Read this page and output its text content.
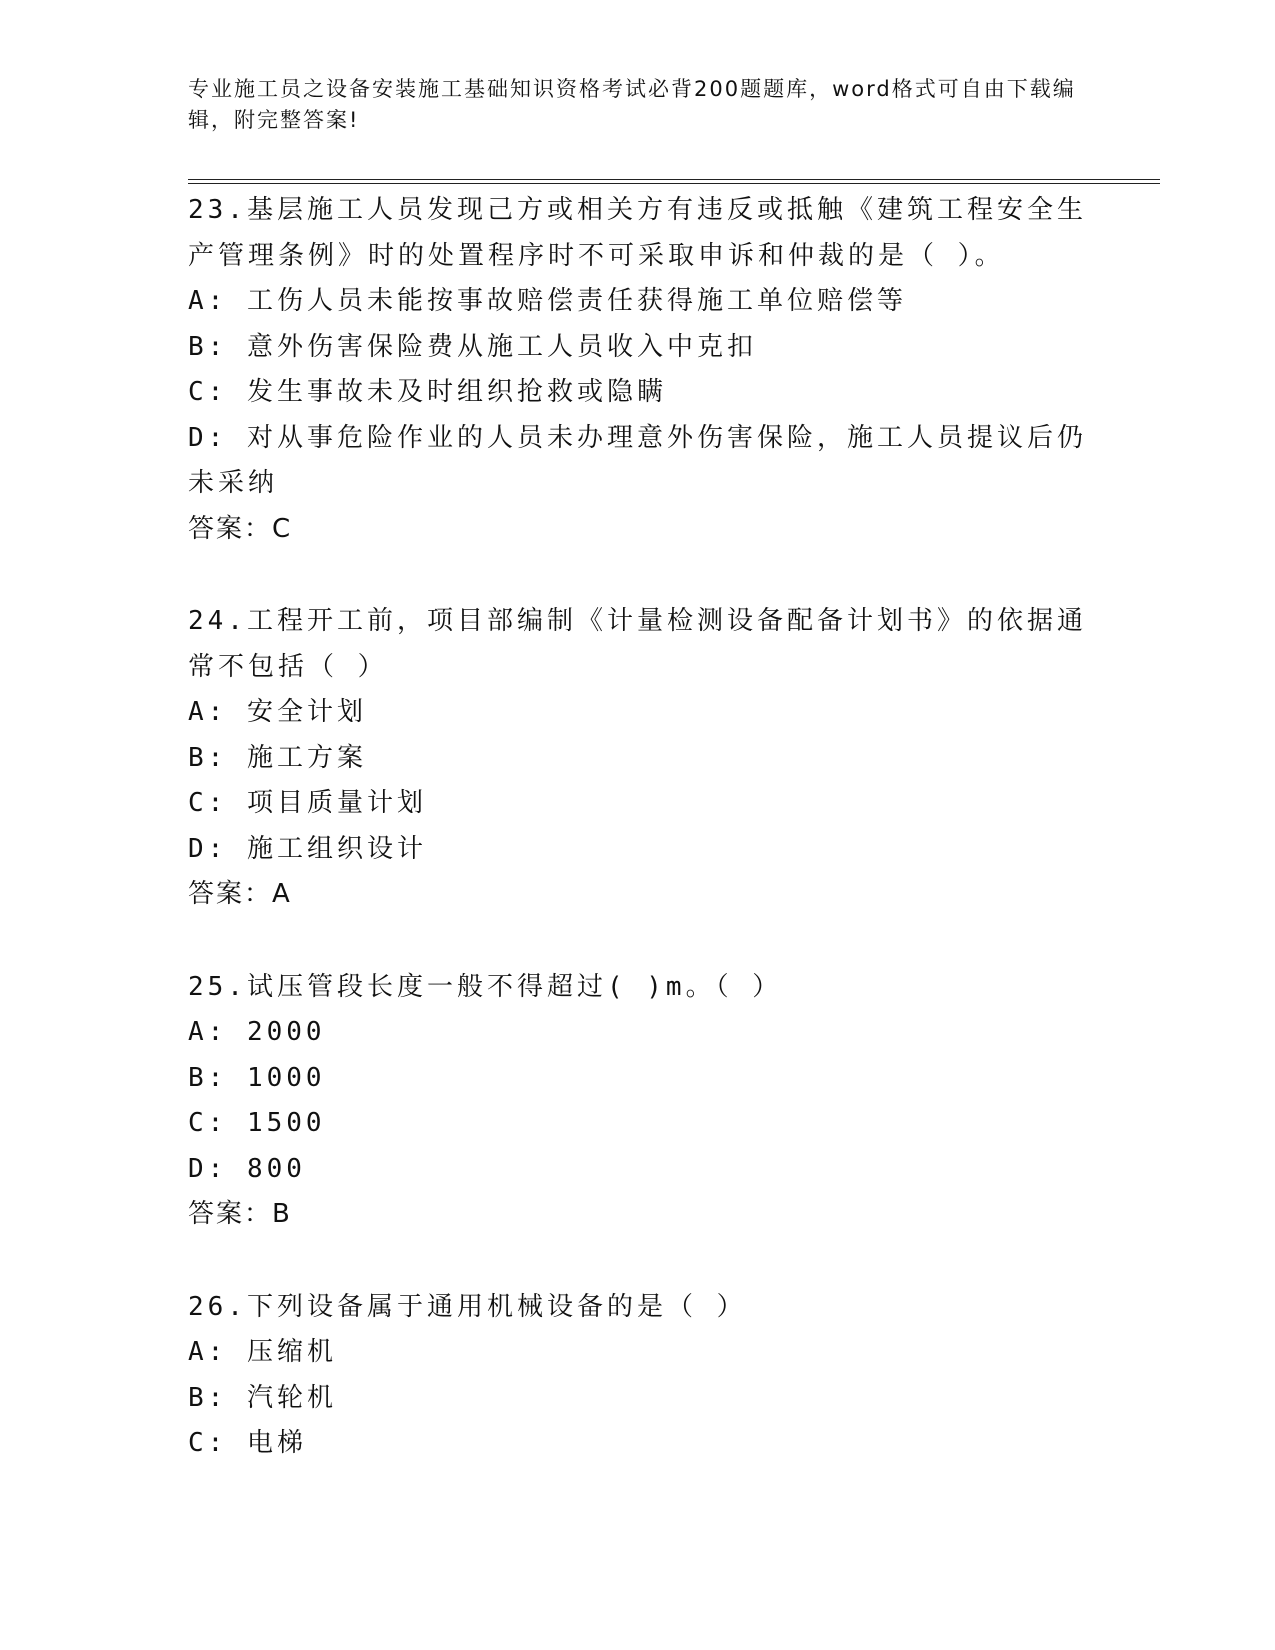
专业施工员之设备安装施工基础知识资格考试必背200题题库，word格式可自由下载编辑，附完整答案!
23.基层施工人员发现己方或相关方有违反或抵触《建筑工程安全生产管理条例》时的处置程序时不可采取申诉和仲裁的是（ ）。
A: 工伤人员未能按事故赔偿责任获得施工单位赔偿等
B: 意外伤害保险费从施工人员收入中克扣
C: 发生事故未及时组织抢救或隐瞒
D: 对从事危险作业的人员未办理意外伤害保险，施工人员提议后仍未采纳
答案：C
24.工程开工前，项目部编制《计量检测设备配备计划书》的依据通常不包括（ ）
A: 安全计划
B: 施工方案
C: 项目质量计划
D: 施工组织设计
答案：A
25.试压管段长度一般不得超过( )m。（ ）
A: 2000
B: 1000
C: 1500
D: 800
答案：B
26.下列设备属于通用机械设备的是（ ）
A: 压缩机
B: 汽轮机
C: 电梯
